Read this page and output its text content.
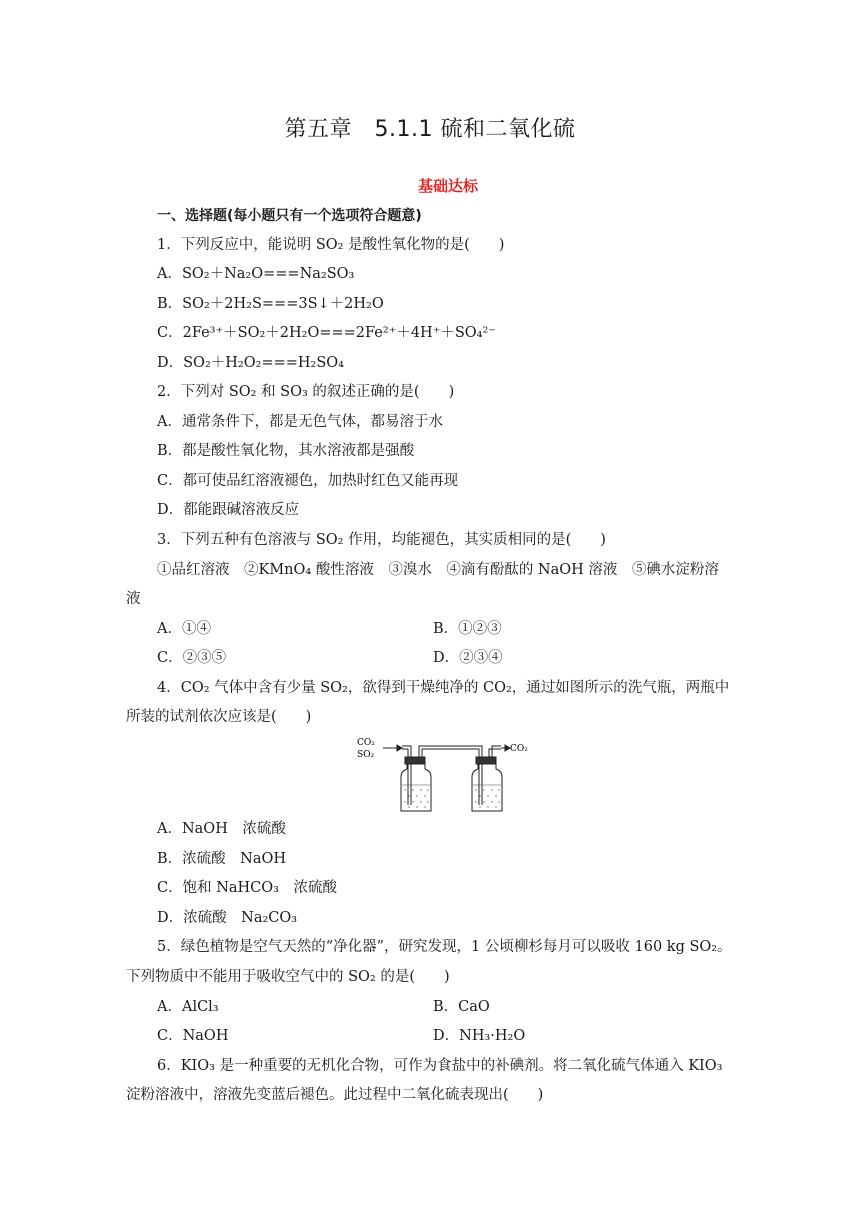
第五章　5.1.1 硫和二氧化硫
基础达标
一、选择题(每小题只有一个选项符合题意)
1．下列反应中，能说明 SO₂ 是酸性氧化物的是(　　)
A．SO₂＋Na₂O===Na₂SO₃
B．SO₂＋2H₂S===3S↓＋2H₂O
C．2Fe³⁺＋SO₂＋2H₂O===2Fe²⁺＋4H⁺＋SO₄²⁻
D．SO₂＋H₂O₂===H₂SO₄
2．下列对 SO₂ 和 SO₃ 的叙述正确的是(　　)
A．通常条件下，都是无色气体，都易溶于水
B．都是酸性氧化物，其水溶液都是强酸
C．都可使品红溶液褪色，加热时红色又能再现
D．都能跟碱溶液反应
3．下列五种有色溶液与 SO₂ 作用，均能褪色，其实质相同的是(　　)
①品红溶液　②KMnO₄ 酸性溶液　③溴水　④滴有酚酞的 NaOH 溶液　⑤碘水淀粉溶
液
A．①④	B．①②③
C．②③⑤	D．②③④
4．CO₂ 气体中含有少量 SO₂，欲得到干燥纯净的 CO₂，通过如图所示的洗气瓶，两瓶中
所装的试剂依次应该是(　　)
CO₂
SO₂
CO₂
A．NaOH　浓硫酸
B．浓硫酸　NaOH
C．饱和 NaHCO₃　浓硫酸
D．浓硫酸　Na₂CO₃
5．绿色植物是空气天然的“净化器”，研究发现，1 公顷柳杉每月可以吸收 160 kg SO₂。
下列物质中不能用于吸收空气中的 SO₂ 的是(　　)
A．AlCl₃	B．CaO
C．NaOH	D．NH₃·H₂O
6．KIO₃ 是一种重要的无机化合物，可作为食盐中的补碘剂。将二氧化硫气体通入 KIO₃
淀粉溶液中，溶液先变蓝后褪色。此过程中二氧化硫表现出(　　)
